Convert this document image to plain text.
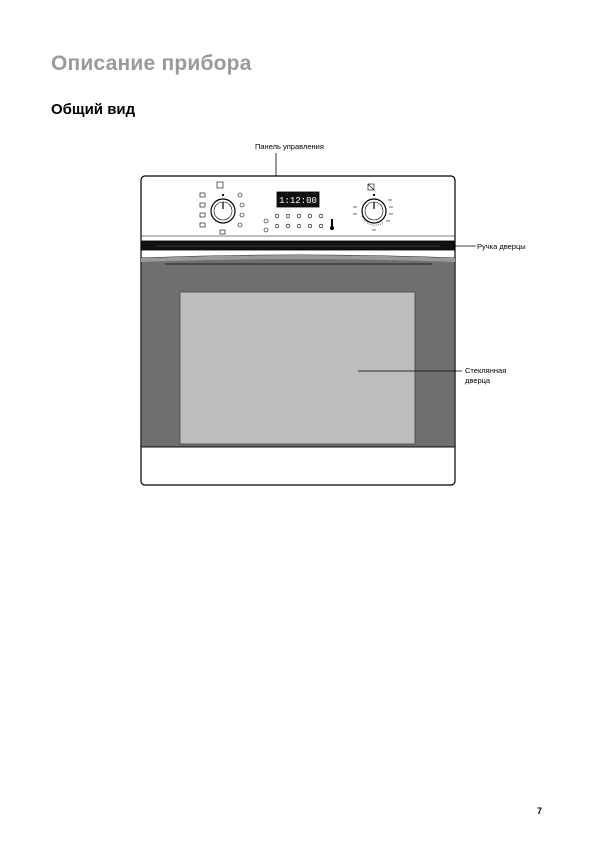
Описание прибора
Общий вид
1:12:00
Панель управления
Ручка дверцы
Стеклянная дверца
7
